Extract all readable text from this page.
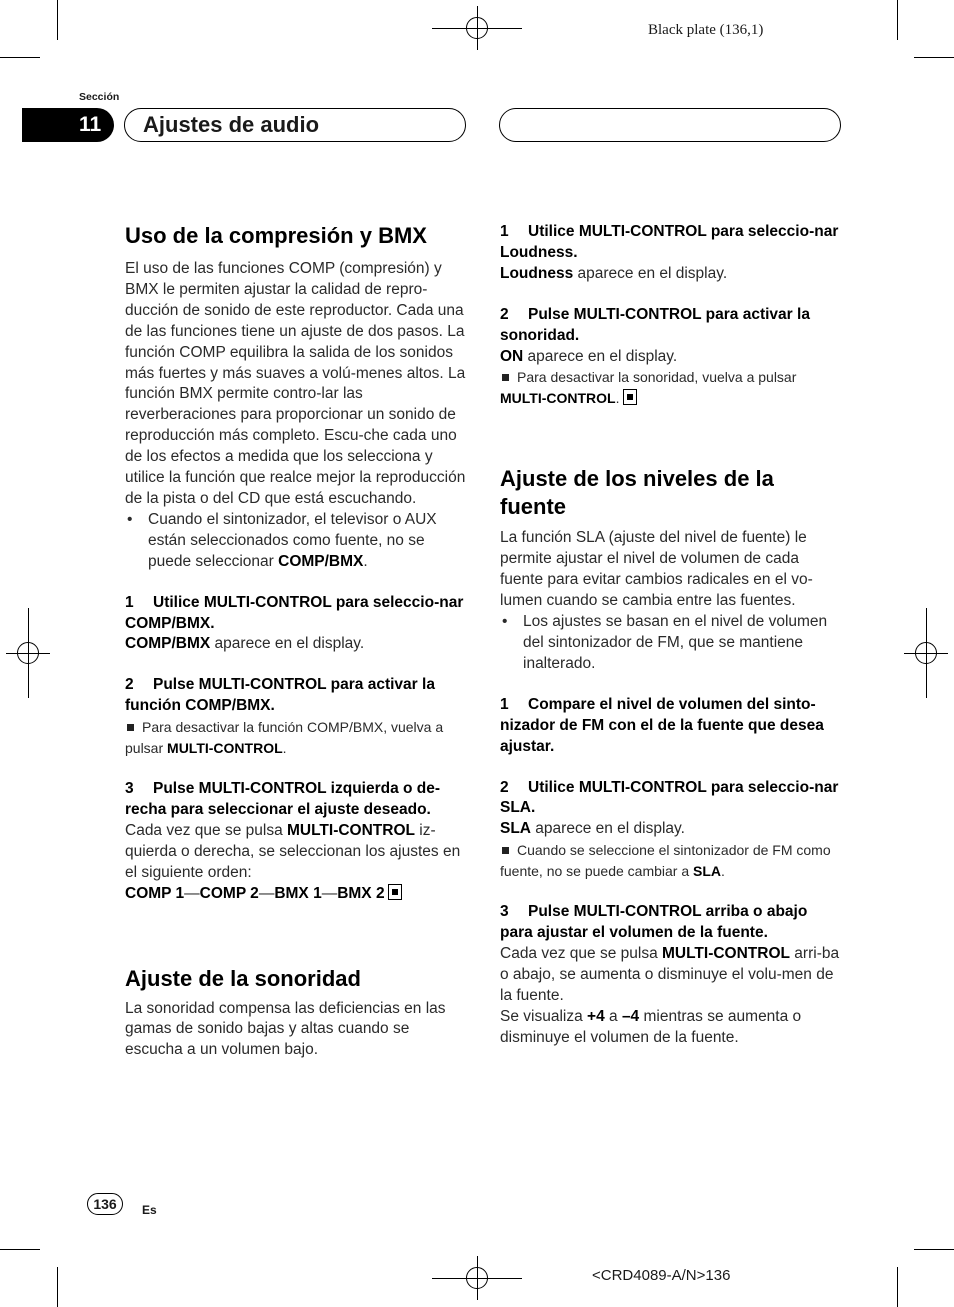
Black plate (136,1)
Sección
11	Ajustes de audio
Uso de la compresión y BMX

El uso de las funciones COMP (compresión) y BMX le permiten ajustar la calidad de repro-ducción de sonido de este reproductor. Cada una de las funciones tiene un ajuste de dos pasos. La función COMP equilibra la salida de los sonidos más fuertes y más suaves a volú-menes altos. La función BMX permite contro-lar las reverberaciones para proporcionar un sonido de reproducción más completo. Escu-che cada uno de los efectos a medida que los selecciona y utilice la función que realce mejor la reproducción de la pista o del CD que está escuchando.

• Cuando el sintonizador, el televisor o AUX están seleccionados como fuente, no se puede seleccionar COMP/BMX.
1 Utilice MULTI-CONTROL para seleccio-nar COMP/BMX.

COMP/BMX aparece en el display.

2 Pulse MULTI-CONTROL para activar la función COMP/BMX.
Para desactivar la función COMP/BMX, vuelva a pulsar MULTI-CONTROL.
3 Pulse MULTI-CONTROL izquierda o de-recha para seleccionar el ajuste deseado.

Cada vez que se pulsa MULTI-CONTROL iz-quierda o derecha, se seleccionan los ajustes en el siguiente orden:

COMP 1—COMP 2—BMX 1—BMX 2

Ajuste de la sonoridad

La sonoridad compensa las deficiencias en las gamas de sonido bajas y altas cuando se escucha a un volumen bajo.

1 Utilice MULTI-CONTROL para seleccio-nar Loudness.

Loudness aparece en el display.

2 Pulse MULTI-CONTROL para activar la sonoridad.

ON aparece en el display.

Para desactivar la sonoridad, vuelva a pulsar MULTI-CONTROL.
Ajuste de los niveles de la fuente

La función SLA (ajuste del nivel de fuente) le permite ajustar el nivel de volumen de cada fuente para evitar cambios radicales en el vo-lumen cuando se cambia entre las fuentes.

• Los ajustes se basan en el nivel de volumen del sintonizador de FM, que se mantiene inalterado.
1 Compare el nivel de volumen del sinto-nizador de FM con el de la fuente que desea ajustar.
2 Utilice MULTI-CONTROL para seleccio-nar SLA.

SLA aparece en el display.

Cuando se seleccione el sintonizador de FM como fuente, no se puede cambiar a SLA.
3 Pulse MULTI-CONTROL arriba o abajo para ajustar el volumen de la fuente.

Cada vez que se pulsa MULTI-CONTROL arri-ba o abajo, se aumenta o disminuye el volu-men de la fuente.

Se visualiza +4 a –4 mientras se aumenta o disminuye el volumen de la fuente.

136	Es
<CRD4089-A/N>136
